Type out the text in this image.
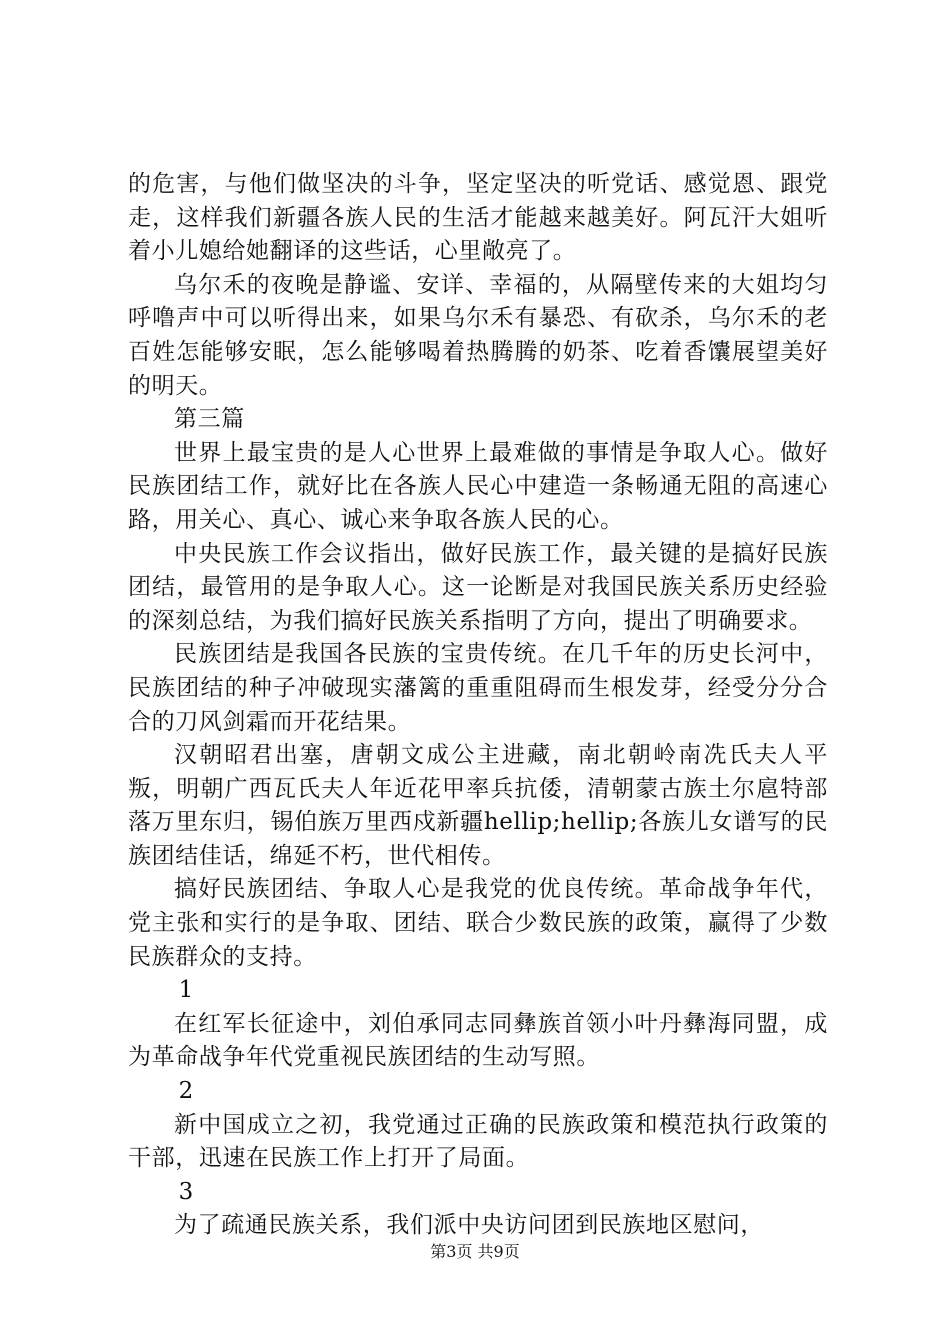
的危害，与他们做坚决的斗争，坚定坚决的听党话、感觉恩、跟党走，这样我们新疆各族人民的生活才能越来越美好。阿瓦汗大姐听着小儿媳给她翻译的这些话，心里敞亮了。

乌尔禾的夜晚是静谧、安详、幸福的，从隔壁传来的大姐均匀呼噜声中可以听得出来，如果乌尔禾有暴恐、有砍杀，乌尔禾的老百姓怎能够安眠，怎么能够喝着热腾腾的奶茶、吃着香馕展望美好的明天。

第三篇

世界上最宝贵的是人心世界上最难做的事情是争取人心。做好民族团结工作，就好比在各族人民心中建造一条畅通无阻的高速心路，用关心、真心、诚心来争取各族人民的心。

中央民族工作会议指出，做好民族工作，最关键的是搞好民族团结，最管用的是争取人心。这一论断是对我国民族关系历史经验的深刻总结，为我们搞好民族关系指明了方向，提出了明确要求。

民族团结是我国各民族的宝贵传统。在几千年的历史长河中，民族团结的种子冲破现实藩篱的重重阻碍而生根发芽，经受分分合合的刀风剑霜而开花结果。

汉朝昭君出塞，唐朝文成公主进藏，南北朝岭南冼氏夫人平叛，明朝广西瓦氏夫人年近花甲率兵抗倭，清朝蒙古族土尔扈特部落万里东归，锡伯族万里西戍新疆hellip;hellip;各族儿女谱写的民族团结佳话，绵延不朽，世代相传。

搞好民族团结、争取人心是我党的优良传统。革命战争年代，党主张和实行的是争取、团结、联合少数民族的政策，赢得了少数民族群众的支持。

1

在红军长征途中，刘伯承同志同彝族首领小叶丹彝海同盟，成为革命战争年代党重视民族团结的生动写照。

2

新中国成立之初，我党通过正确的民族政策和模范执行政策的干部，迅速在民族工作上打开了局面。

3

为了疏通民族关系，我们派中央访问团到民族地区慰问，

第3页 共9页
